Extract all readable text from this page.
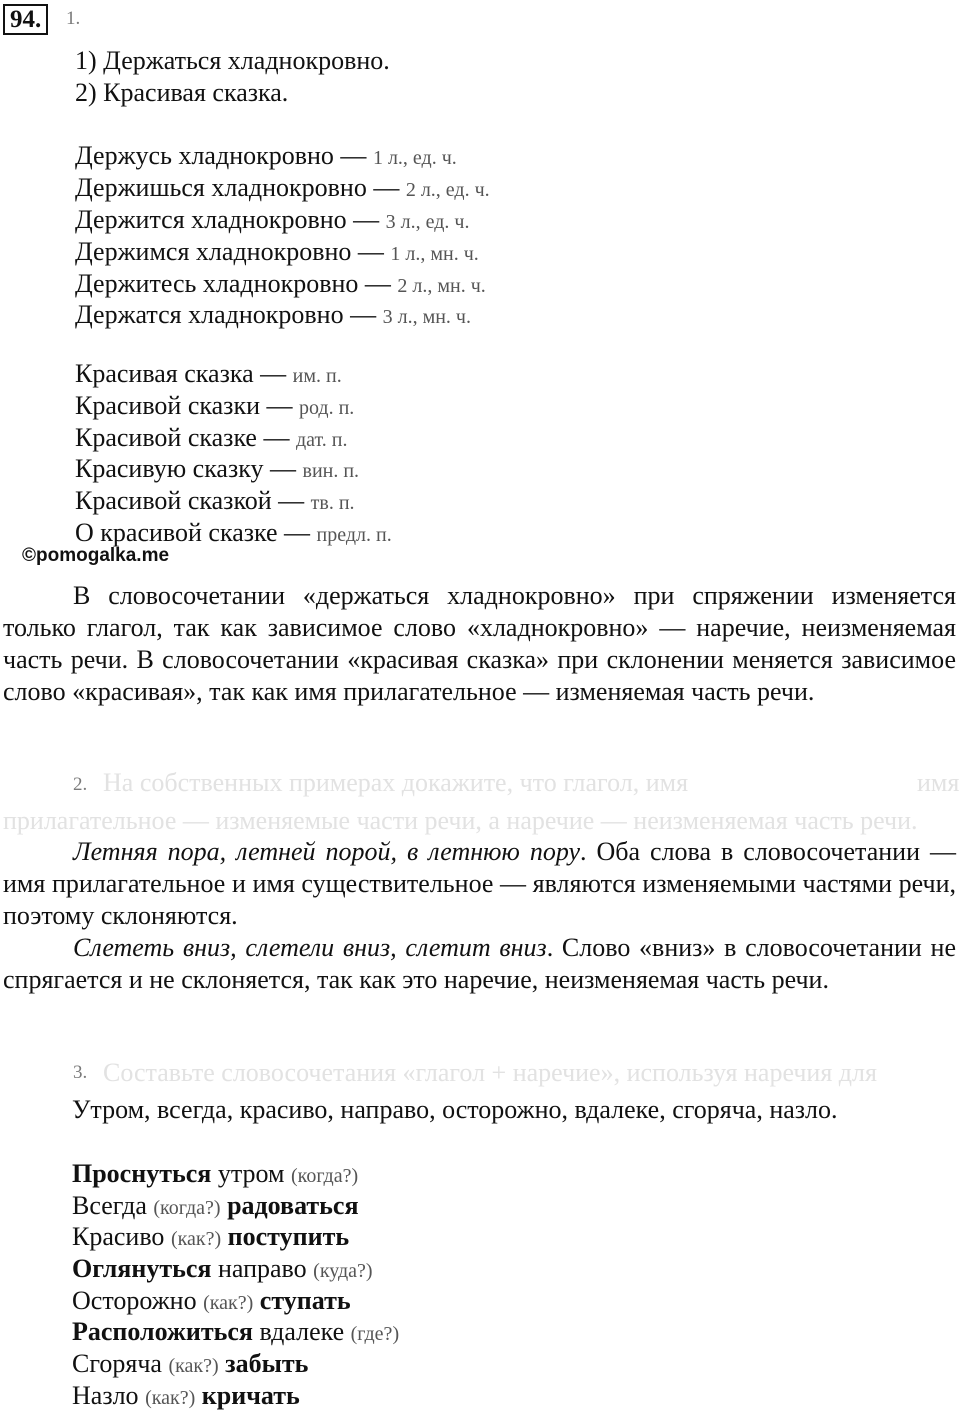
94.	1.
1) Держаться хладнокровно.
2) Красивая сказка.
Держусь хладнокровно — 1 л., ед. ч.
Держишься хладнокровно — 2 л., ед. ч.
Держится хладнокровно — 3 л., ед. ч.
Держимся хладнокровно — 1 л., мн. ч.
Держитесь хладнокровно — 2 л., мн. ч.
Держатся хладнокровно — 3 л., мн. ч.
Красивая сказка — им. п.
Красивой сказки — род. п.
Красивой сказке — дат. п.
Красивую сказку — вин. п.
Красивой сказкой — тв. п.
О красивой сказке — предл. п.
©pomogalka.me
В словосочетании «держаться хладнокровно» при спряжении изменяется только глагол, так как зависимое слово «хладнокровно» — наречие, неизменяемая часть речи. В словосочетании «красивая сказка» при склонении меняется зависимое слово «красивая», так как имя прилагательное — изменяемая часть речи.
2. На собственных примерах докажите, что глагол, имя	имя
прилагательное — изменяемые части речи, а наречие — неизменяемая часть речи.
Летняя пора, летней порой, в летнюю пору. Оба слова в словосочетании — имя прилагательное и имя существительное — являются изменяемыми частями речи, поэтому склоняются.
Слететь вниз, слетели вниз, слетит вниз. Слово «вниз» в словосочетании не спрягается и не склоняется, так как это наречие, неизменяемая часть речи.
3. Составьте словосочетания «глагол + наречие», используя наречия для
Утром, всегда, красиво, направо, осторожно, вдалеке, сгоряча, назло.
Проснуться утром (когда?)
Всегда (когда?) радоваться
Красиво (как?) поступить
Оглянуться направо (куда?)
Осторожно (как?) ступать
Расположиться вдалеке (где?)
Сгоряча (как?) забыть
Назло (как?) кричать
